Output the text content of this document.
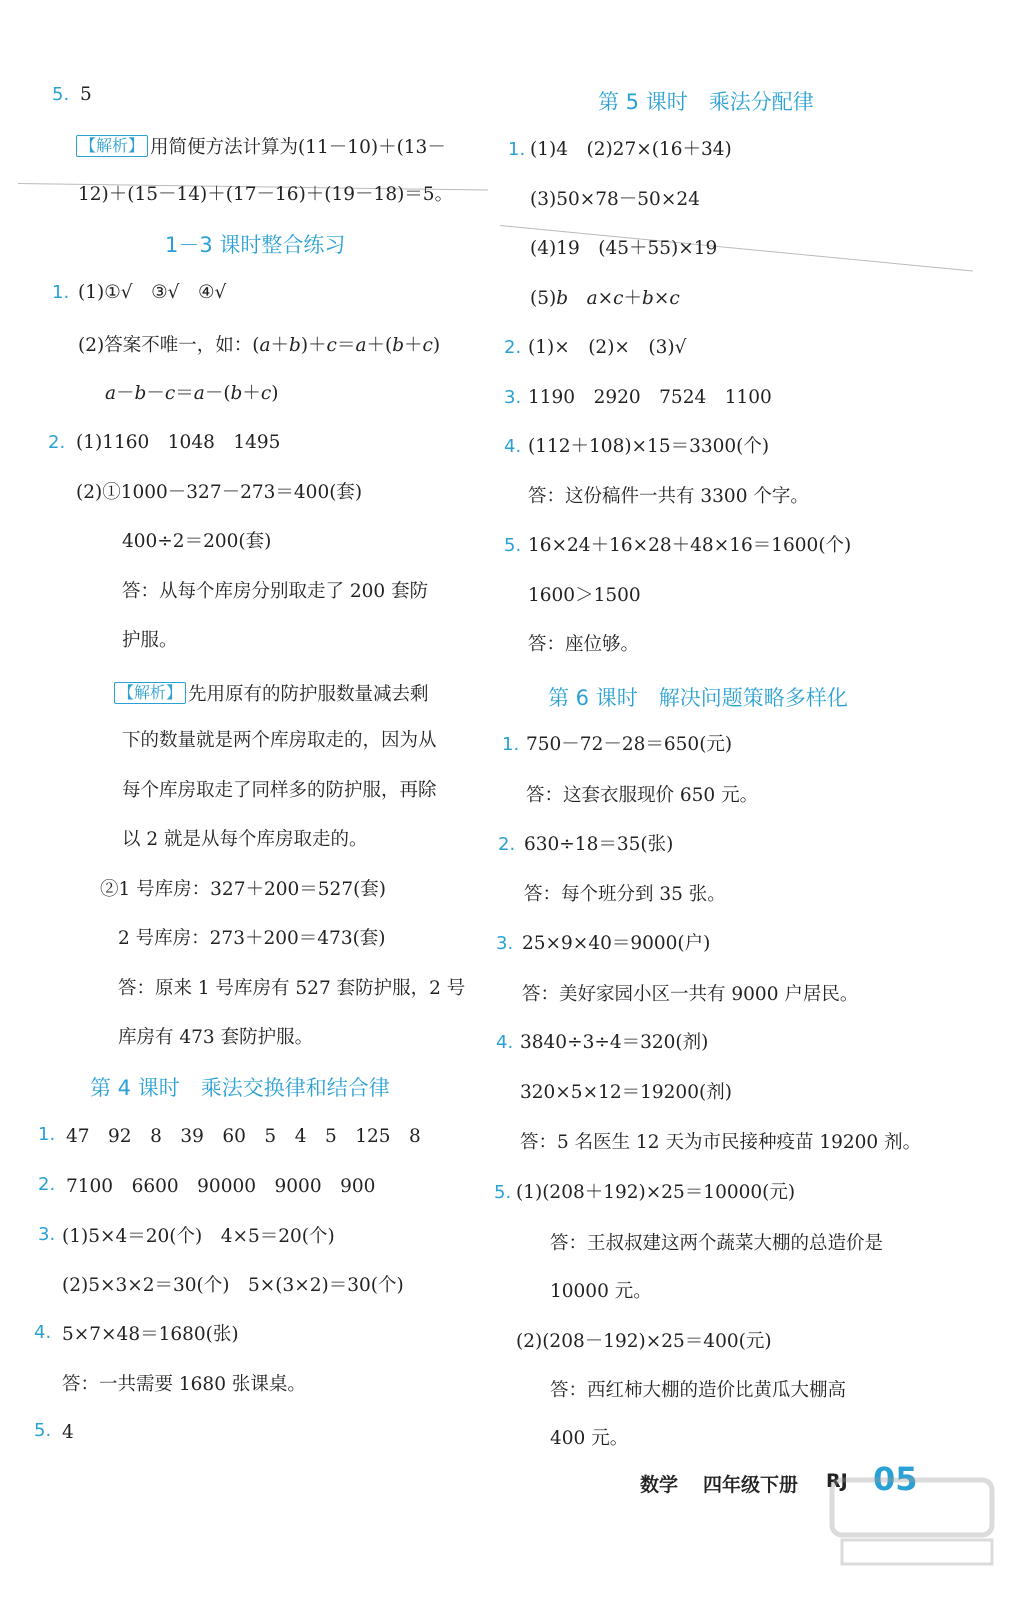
5. 5
【解析】 用简便方法计算为(11－10)＋(13－
12)＋(15－14)＋(17－16)＋(19－18)＝5。
1－3 课时整合练习
1. (1)①√　③√　④√
(2)答案不唯一，如：(a＋b)＋c＝a＋(b＋c)
a－b－c＝a－(b＋c)
2. (1)1160　1048　1495
(2)①1000－327－273＝400(套)
400÷2＝200(套)
答：从每个库房分别取走了 200 套防
护服。
【解析】 先用原有的防护服数量减去剩
下的数量就是两个库房取走的，因为从
每个库房取走了同样多的防护服，再除
以 2 就是从每个库房取走的。
②1 号库房：327＋200＝527(套)
2 号库房：273＋200＝473(套)
答：原来 1 号库房有 527 套防护服，2 号
库房有 473 套防护服。
第 4 课时　乘法交换律和结合律
1. 47　92　8　39　60　5　4　5　125　8
2. 7100　6600　90000　9000　900
3. (1)5×4＝20(个)　4×5＝20(个)
(2)5×3×2＝30(个)　5×(3×2)＝30(个)
4. 5×7×48＝1680(张)
答：一共需要 1680 张课桌。
5. 4
第 5 课时　乘法分配律
1. (1)4　(2)27×(16＋34)
(3)50×78－50×24
(4)19　(45＋55)×19
(5)b　 a×c＋b×c
2. (1)×　(2)×　(3)√
3. 1190　2920　7524　1100
4. (112＋108)×15＝3300(个)
答：这份稿件一共有 3300 个字。
5. 16×24＋16×28＋48×16＝1600(个)
1600＞1500
答：座位够。
第 6 课时　解决问题策略多样化
1. 750－72－28＝650(元)
答：这套衣服现价 650 元。
2. 630÷18＝35(张)
答：每个班分到 35 张。
3. 25×9×40＝9000(户)
答：美好家园小区一共有 9000 户居民。
4. 3840÷3÷4＝320(剂)
320×5×12＝19200(剂)
答：5 名医生 12 天为市民接种疫苗 19200 剂。
5. (1)(208＋192)×25＝10000(元)
答：王叔叔建这两个蔬菜大棚的总造价是
10000 元。
(2)(208－192)×25＝400(元)
答：西红柿大棚的造价比黄瓜大棚高
400 元。
数学 四年级下册 RJ 05
